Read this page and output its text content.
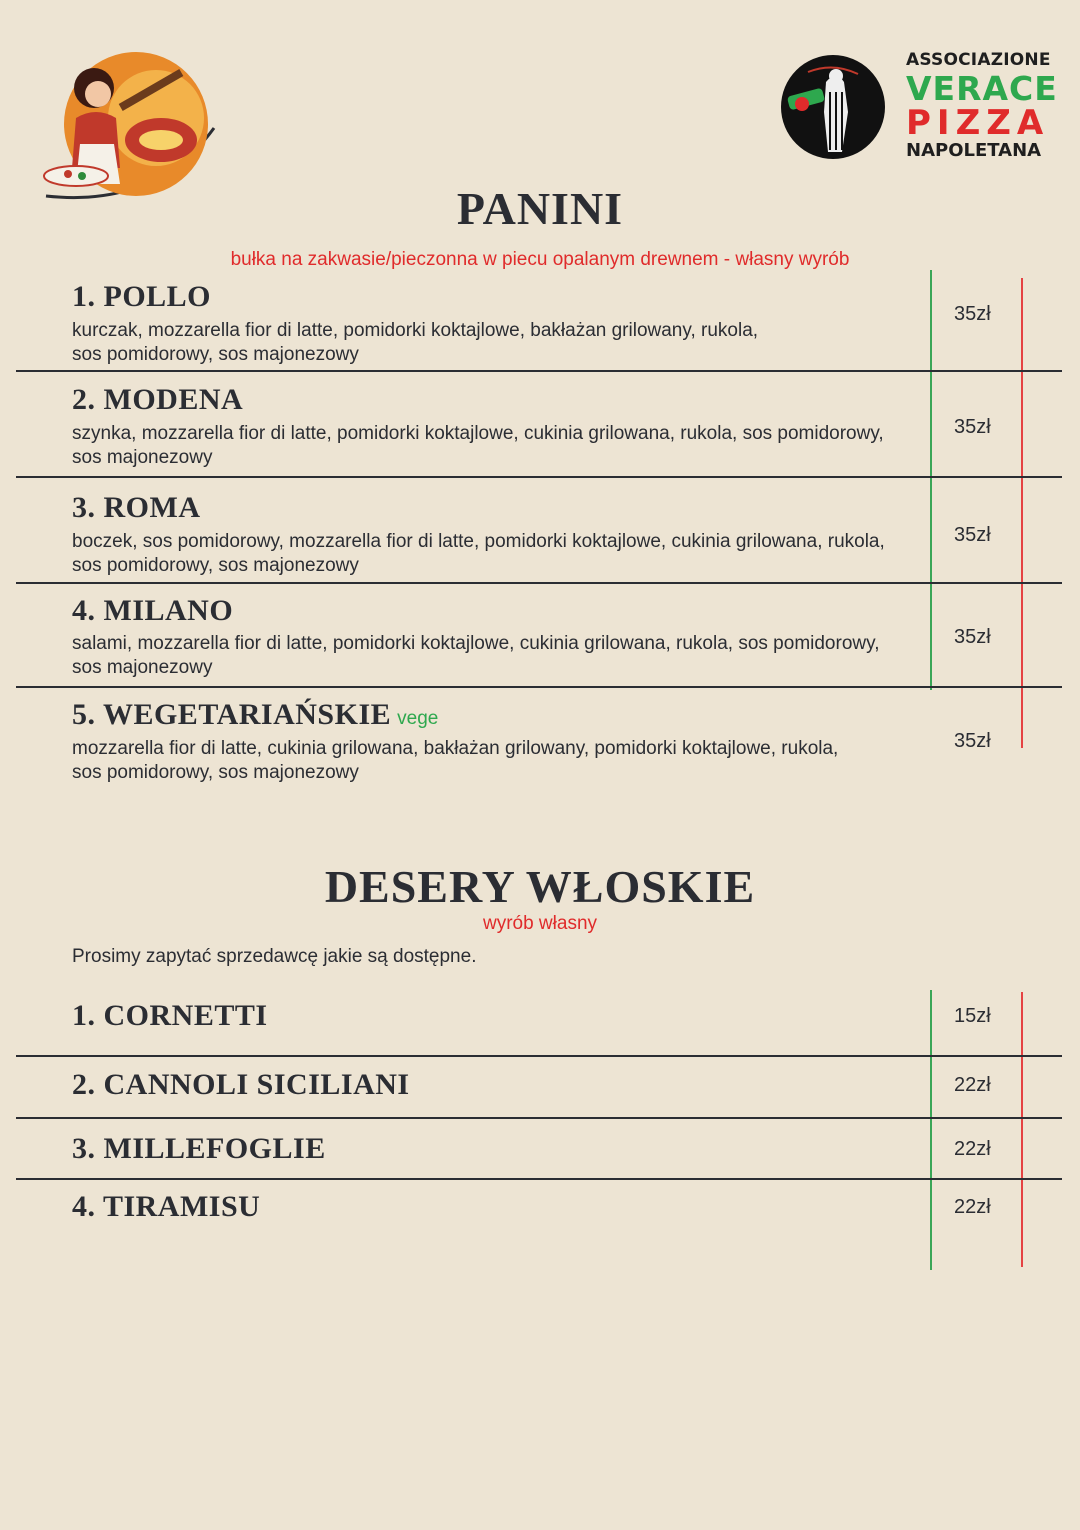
ASSOCIAZIONE
VERACE
PIZZA
NAPOLETANA
PANINI
bułka na zakwasie/pieczonna w piecu opalanym drewnem - własny wyrób
1. POLLO
kurczak, mozzarella fior di latte, pomidorki koktajlowe, bakłażan grilowany, rukola,
sos pomidorowy, sos majonezowy
35zł
2. MODENA
szynka, mozzarella fior di latte, pomidorki koktajlowe, cukinia grilowana, rukola, sos pomidorowy,
sos majonezowy
35zł
3. ROMA
boczek, sos pomidorowy, mozzarella fior di latte, pomidorki koktajlowe, cukinia grilowana, rukola,
sos pomidorowy, sos majonezowy
35zł
4. MILANO
salami, mozzarella fior di latte, pomidorki koktajlowe, cukinia grilowana, rukola, sos pomidorowy,
sos majonezowy
35zł
5. WEGETARIAŃSKIE vege
mozzarella fior di latte, cukinia grilowana, bakłażan grilowany, pomidorki koktajlowe, rukola,
sos pomidorowy, sos majonezowy
35zł
DESERY WŁOSKIE
wyrób własny
Prosimy zapytać sprzedawcę jakie są dostępne.
1. CORNETTI	15zł
2. CANNOLI SICILIANI	22zł
3. MILLEFOGLIE	22zł
4. TIRAMISU	22zł
